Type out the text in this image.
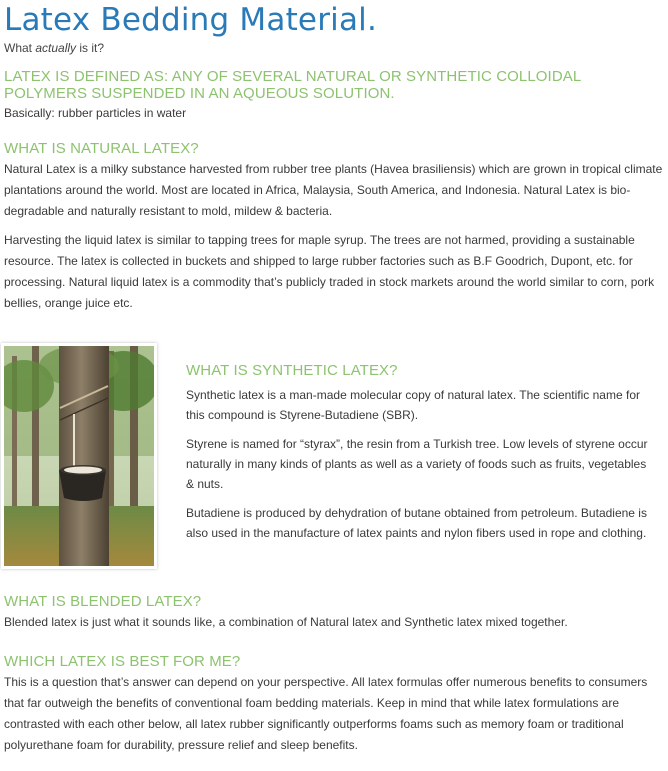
Latex Bedding Material.
What actually is it?
LATEX IS DEFINED AS: ANY OF SEVERAL NATURAL OR SYNTHETIC COLLOIDAL POLYMERS SUSPENDED IN AN AQUEOUS SOLUTION.

Basically: rubber particles in water

WHAT IS NATURAL LATEX?

Natural Latex is a milky substance harvested from rubber tree plants (Havea brasiliensis) which are grown in tropical climate plantations around the world. Most are located in Africa, Malaysia, South America, and Indonesia. Natural Latex is bio-degradable and naturally resistant to mold, mildew & bacteria.

Harvesting the liquid latex is similar to tapping trees for maple syrup. The trees are not harmed, providing a sustainable resource. The latex is collected in buckets and shipped to large rubber factories such as B.F Goodrich, Dupont, etc. for processing. Natural liquid latex is a commodity that’s publicly traded in stock markets around the world similar to corn, pork bellies, orange juice etc.

WHAT IS SYNTHETIC LATEX?

Synthetic latex is a man-made molecular copy of natural latex. The scientific name for this compound is Styrene-Butadiene (SBR).

Styrene is named for “styrax”, the resin from a Turkish tree. Low levels of styrene occur naturally in many kinds of plants as well as a variety of foods such as fruits, vegetables & nuts.

Butadiene is produced by dehydration of butane obtained from petroleum. Butadiene is also used in the manufacture of latex paints and nylon fibers used in rope and clothing.

WHAT IS BLENDED LATEX?

Blended latex is just what it sounds like, a combination of Natural latex and Synthetic latex mixed together.

WHICH LATEX IS BEST FOR ME?

This is a question that’s answer can depend on your perspective. All latex formulas offer numerous benefits to consumers that far outweigh the benefits of conventional foam bedding materials. Keep in mind that while latex formulations are contrasted with each other below, all latex rubber significantly outperforms foams such as memory foam or traditional polyurethane foam for durability, pressure relief and sleep benefits.
